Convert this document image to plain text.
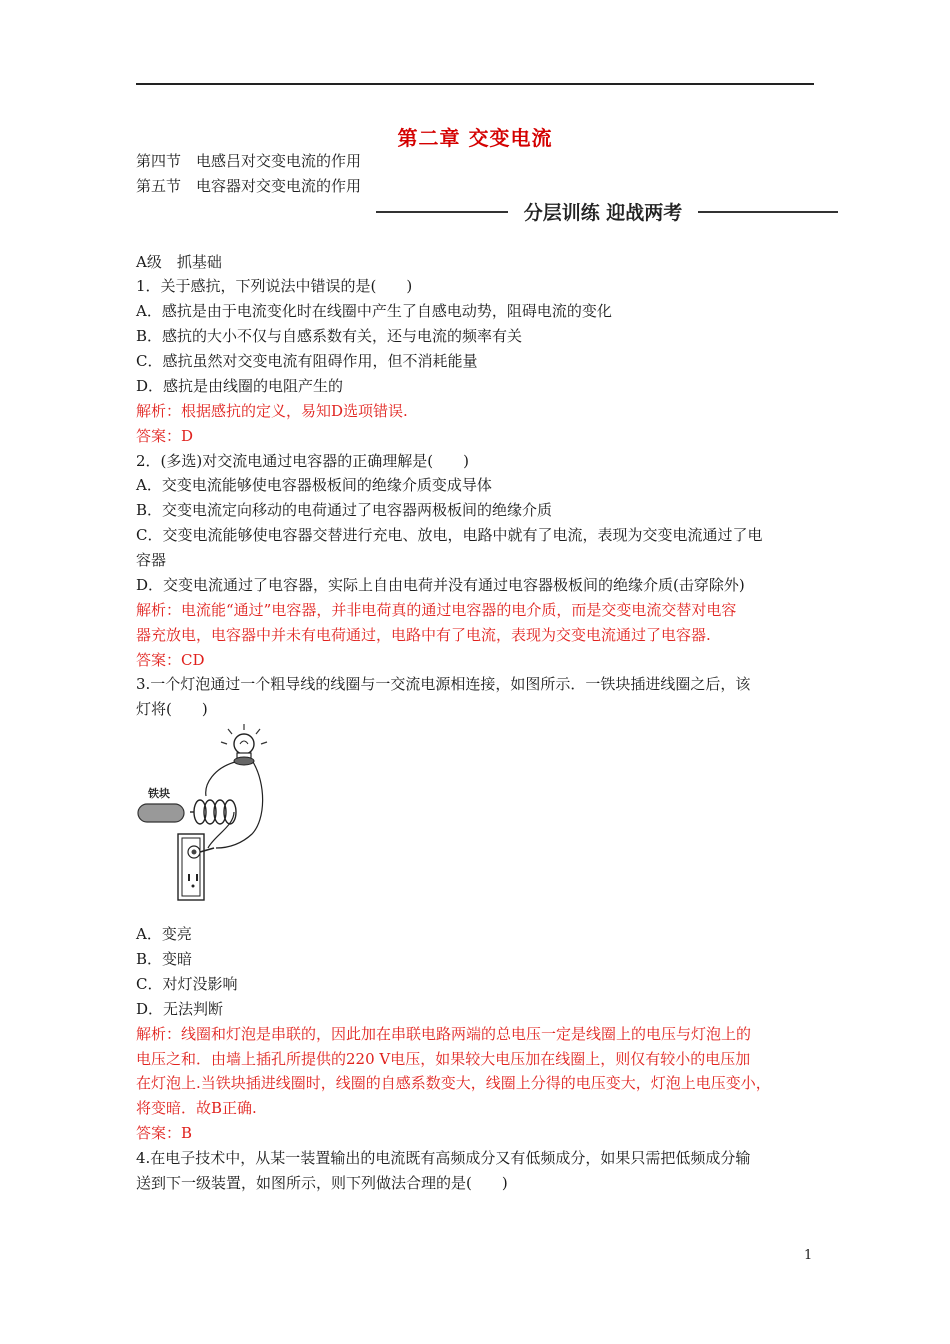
第二章 交变电流
第四节　电感吕对交变电流的作用
第五节　电容器对交变电流的作用
分层训练 迎战两考
A级　抓基础
1．关于感抗，下列说法中错误的是(　　)
A．感抗是由于电流变化时在线圈中产生了自感电动势，阻碍电流的变化
B．感抗的大小不仅与自感系数有关，还与电流的频率有关
C．感抗虽然对交变电流有阻碍作用，但不消耗能量
D．感抗是由线圈的电阻产生的
解析：根据感抗的定义，易知D选项错误.
答案：D
2．(多选)对交流电通过电容器的正确理解是(　　)
A．交变电流能够使电容器极板间的绝缘介质变成导体
B．交变电流定向移动的电荷通过了电容器两极板间的绝缘介质
C．交变电流能够使电容器交替进行充电、放电，电路中就有了电流，表现为交变电流通过了电
容器
D．交变电流通过了电容器，实际上自由电荷并没有通过电容器极板间的绝缘介质(击穿除外)
解析：电流能“通过”电容器，并非电荷真的通过电容器的电介质，而是交变电流交替对电容
器充放电，电容器中并未有电荷通过，电路中有了电流，表现为交变电流通过了电容器.
答案：CD
3.一个灯泡通过一个粗导线的线圈与一交流电源相连接，如图所示．一铁块插进线圈之后，该
灯将(　　)
铁块
A．变亮
B．变暗
C．对灯没影响
D．无法判断
解析：线圈和灯泡是串联的，因此加在串联电路两端的总电压一定是线圈上的电压与灯泡上的
电压之和．由墙上插孔所提供的220 V电压，如果较大电压加在线圈上，则仅有较小的电压加
在灯泡上.当铁块插进线圈时，线圈的自感系数变大，线圈上分得的电压变大，灯泡上电压变小，
将变暗．故B正确.
答案：B
4.在电子技术中，从某一装置输出的电流既有高频成分又有低频成分，如果只需把低频成分输
送到下一级装置，如图所示，则下列做法合理的是(　　)
1
